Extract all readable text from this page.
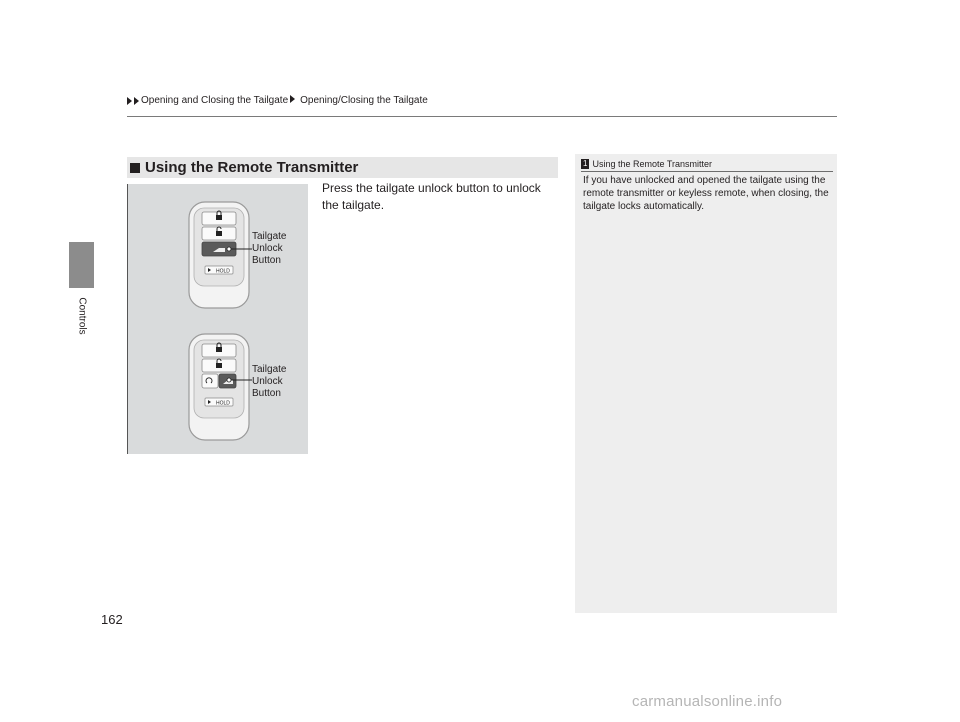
Opening and Closing the Tailgate Opening/Closing the Tailgate
Controls
Using the Remote Transmitter
HOLD
HOLD
Tailgate
Unlock
Button
Tailgate
Unlock
Button
Press the tailgate unlock button to unlock the tailgate.
1 Using the Remote Transmitter
If you have unlocked and opened the tailgate using the remote transmitter or keyless remote, when closing, the tailgate locks automatically.
162
carmanualsonline.info
